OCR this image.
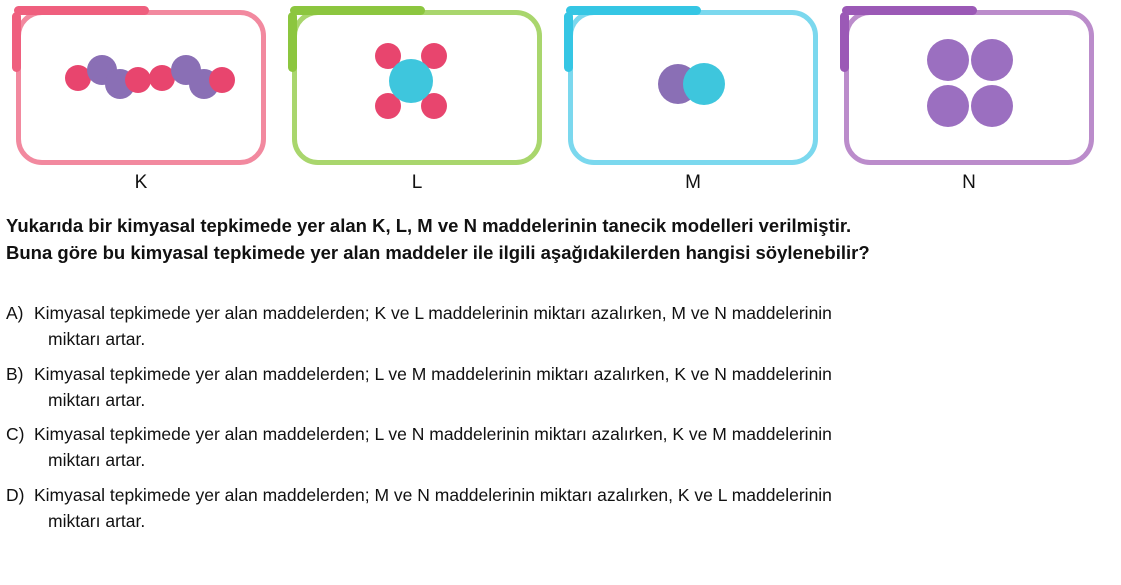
K	L	M	N
Yukarıda bir kimyasal tepkimede yer alan K, L, M ve N maddelerinin tanecik modelleri verilmiştir.
Buna göre bu kimyasal tepkimede yer alan maddeler ile ilgili aşağıdakilerden hangisi söylenebilir?
A) Kimyasal tepkimede yer alan maddelerden; K ve L maddelerinin miktarı azalırken, M ve N maddelerinin
miktarı artar.
B) Kimyasal tepkimede yer alan maddelerden; L ve M maddelerinin miktarı azalırken, K ve N maddelerinin
miktarı artar.
C) Kimyasal tepkimede yer alan maddelerden; L ve N maddelerinin miktarı azalırken, K ve M maddelerinin
miktarı artar.
D) Kimyasal tepkimede yer alan maddelerden; M ve N maddelerinin miktarı azalırken, K ve L maddelerinin
miktarı artar.
